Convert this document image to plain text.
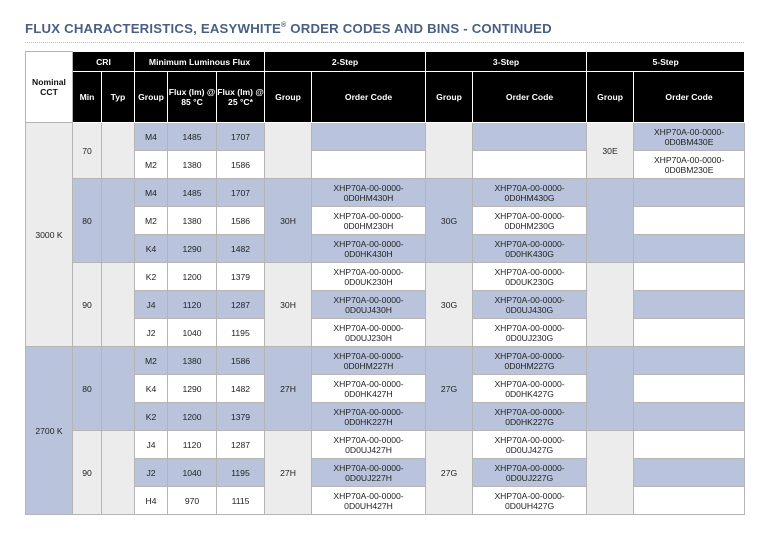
FLUX CHARACTERISTICS, EASYWHITE® ORDER CODES AND BINS - CONTINUED
Nominal CCT	CRI		Minimum Luminous Flux			2-Step		3-Step		5-Step	
	Min	Typ	Group	Flux (lm) @ 85 °C	Flux (lm) @ 25 °C*	Group	Order Code	Group	Order Code	Group	Order Code
3000 K	70		M4	1485	1707					30E	XHP70A-00-0000-0D0BM430E
			M2	1380	1586						XHP70A-00-0000-0D0BM230E
	80		M4	1485	1707	30H	XHP70A-00-0000-0D0HM430H	30G	XHP70A-00-0000-0D0HM430G		
			M2	1380	1586		XHP70A-00-0000-0D0HM230H		XHP70A-00-0000-0D0HM230G		
			K4	1290	1482		XHP70A-00-0000-0D0HK430H		XHP70A-00-0000-0D0HK430G		
	90		K2	1200	1379	30H	XHP70A-00-0000-0D0UK230H	30G	XHP70A-00-0000-0D0UK230G		
			J4	1120	1287		XHP70A-00-0000-0D0UJ430H		XHP70A-00-0000-0D0UJ430G		
			J2	1040	1195		XHP70A-00-0000-0D0UJ230H		XHP70A-00-0000-0D0UJ230G		
2700 K	80		M2	1380	1586	27H	XHP70A-00-0000-0D0HM227H	27G	XHP70A-00-0000-0D0HM227G		
			K4	1290	1482		XHP70A-00-0000-0D0HK427H		XHP70A-00-0000-0D0HK427G		
			K2	1200	1379		XHP70A-00-0000-0D0HK227H		XHP70A-00-0000-0D0HK227G		
	90		J4	1120	1287	27H	XHP70A-00-0000-0D0UJ427H	27G	XHP70A-00-0000-0D0UJ427G		
			J2	1040	1195		XHP70A-00-0000-0D0UJ227H		XHP70A-00-0000-0D0UJ227G		
			H4	970	1115		XHP70A-00-0000-0D0UH427H		XHP70A-00-0000-0D0UH427G		
